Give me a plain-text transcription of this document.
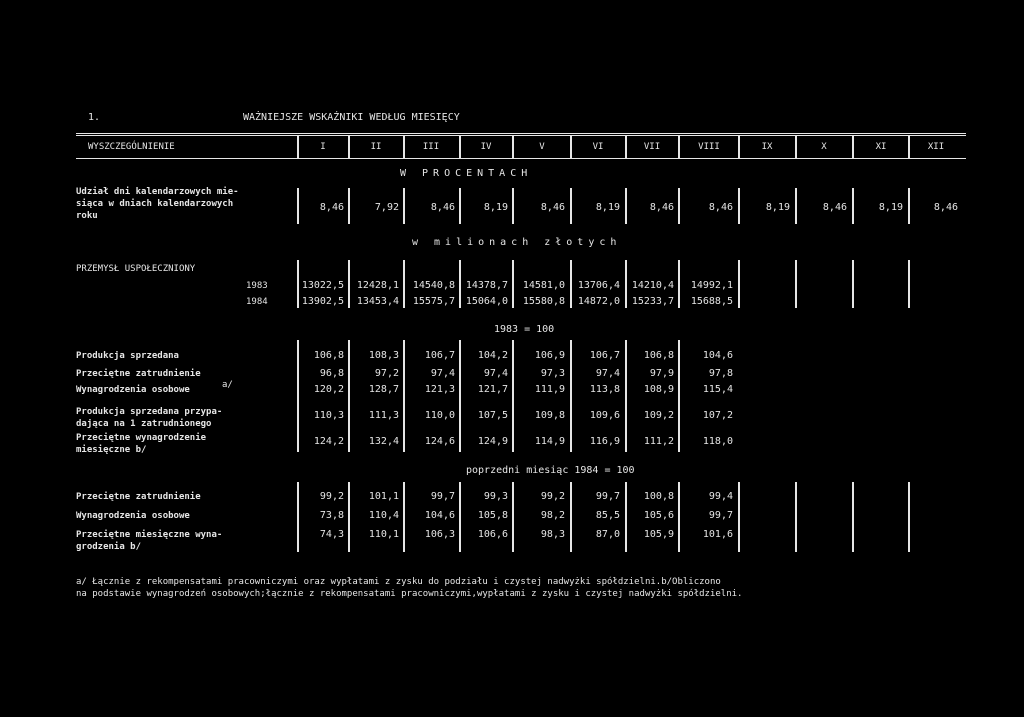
1.	WAŻNIEJSZE WSKAŹNIKI WEDŁUG MIESIĘCY
WYSZCZEGÓLNIENIE
W PROCENTACH
w milionach złotych
PRZEMYSŁ USPOŁECZNIONY
1983 = 100
poprzedni miesiąc 1984 = 100
a/ Łącznie z rekompensatami pracowniczymi oraz wypłatami z zysku do podziału i czystej nadwyżki spółdzielni.b/Obliczono
na podstawie wynagrodzeń osobowych;łącznie z rekompensatami pracowniczymi,wypłatami z zysku i czystej nadwyżki spółdzielni.
I	II	III	IV	V	VI	VII	VIII	IX	X	XI	XII
Udział dni kalendarzowych mie-
siąca w dniach kalendarzowych
roku
8,46	7,92	8,46	8,19	8,46	8,19	8,46	8,46	8,19	8,46	8,19	8,46
1983	13022,5	12428,1	14540,8	14378,7	14581,0	13706,4	14210,4	14992,1
1984	13902,5	13453,4	15575,7	15064,0	15580,8	14872,0	15233,7	15688,5
Produkcja sprzedana	106,8	108,3	106,7	104,2	106,9	106,7	106,8	104,6
Przeciętne zatrudnienie	96,8	97,2	97,4	97,4	97,3	97,4	97,9	97,8
Wynagrodzenia osobowe	a/	120,2	128,7	121,3	121,7	111,9	113,8	108,9	115,4
Produkcja sprzedana przypa-
dająca na 1 zatrudnionego
110,3	111,3	110,0	107,5	109,8	109,6	109,2	107,2
Przeciętne wynagrodzenie
miesięczne b/
124,2	132,4	124,6	124,9	114,9	116,9	111,2	118,0
Przeciętne zatrudnienie	99,2	101,1	99,7	99,3	99,2	99,7	100,8	99,4
Wynagrodzenia osobowe	73,8	110,4	104,6	105,8	98,2	85,5	105,6	99,7
Przeciętne miesięczne wyna-
grodzenia b/
74,3	110,1	106,3	106,6	98,3	87,0	105,9	101,6
